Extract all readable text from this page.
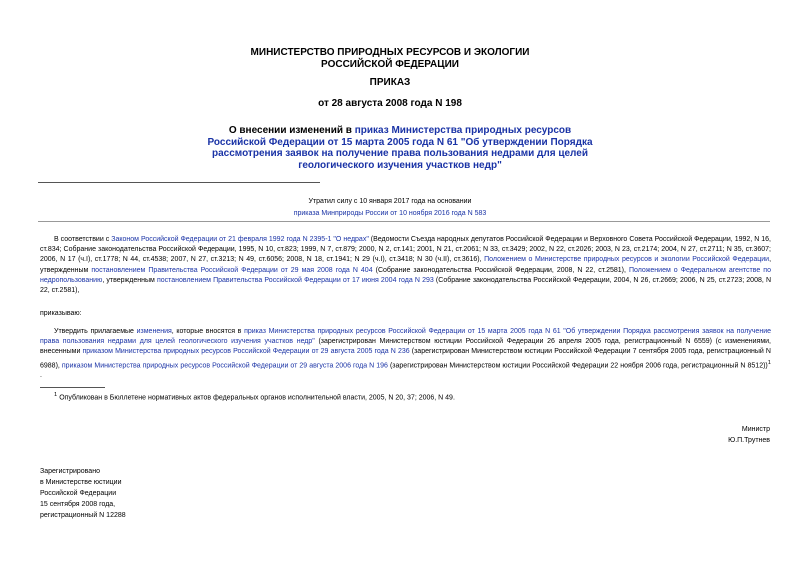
МИНИСТЕРСТВО ПРИРОДНЫХ РЕСУРСОВ И ЭКОЛОГИИ
РОССИЙСКОЙ ФЕДЕРАЦИИ
ПРИКАЗ
от 28 августа 2008 года N 198
О внесении изменений в приказ Министерства природных ресурсов Российской Федерации от 15 марта 2005 года N 61 "Об утверждении Порядка рассмотрения заявок на получение права пользования недрами для целей геологического изучения участков недр"
Утратил силу с 10 января 2017 года на основании
приказа Минприроды России от 10 ноября 2016 года N 583
В соответствии с Законом Российской Федерации от 21 февраля 1992 года N 2395-1 "О недрах" (Ведомости Съезда народных депутатов Российской Федерации и Верховного Совета Российской Федерации, 1992, N 16, ст.834; Собрание законодательства Российской Федерации, 1995, N 10, ст.823; 1999, N 7, ст.879; 2000, N 2, ст.141; 2001, N 21, ст.2061; N 33, ст.3429; 2002, N 22, ст.2026; 2003, N 23, ст.2174; 2004, N 27, ст.2711; N 35, ст.3607; 2006, N 17 (ч.I), ст.1778; N 44, ст.4538; 2007, N 27, ст.3213; N 49, ст.6056; 2008, N 18, ст.1941; N 29 (ч.I), ст.3418; N 30 (ч.II), ст.3616), Положением о Министерстве природных ресурсов и экологии Российской Федерации, утвержденным постановлением Правительства Российской Федерации от 29 мая 2008 года N 404 (Собрание законодательства Российской Федерации, 2008, N 22, ст.2581), Положением о Федеральном агентстве по недропользованию, утвержденным постановлением Правительства Российской Федерации от 17 июня 2004 года N 293 (Собрание законодательства Российской Федерации, 2004, N 26, ст.2669; 2006, N 25, ст.2723; 2008, N 22, ст.2581),
приказываю:
Утвердить прилагаемые изменения, которые вносятся в приказ Министерства природных ресурсов Российской Федерации от 15 марта 2005 года N 61 "Об утверждении Порядка рассмотрения заявок на получение права пользования недрами для целей геологического изучения участков недр" (зарегистрирован Министерством юстиции Российской Федерации 26 апреля 2005 года, регистрационный N 6559) (с изменениями, внесенными приказом Министерства природных ресурсов Российской Федерации от 29 августа 2005 года N 236 (зарегистрирован Министерством юстиции Российской Федерации 7 сентября 2005 года, регистрационный N 6988), приказом Министерства природных ресурсов Российской Федерации от 29 августа 2006 года N 196 (зарегистрирован Министерством юстиции Российской Федерации 22 ноября 2006 года, регистрационный N 8512))$^1$ .
$^1$ Опубликован в Бюллетене нормативных актов федеральных органов исполнительной власти, 2005, N 20, 37; 2006, N 49.
Министр
Ю.П.Трутнев
Зарегистрировано
в Министерстве юстиции
Российской Федерации
15 сентября 2008 года,
регистрационный N 12288
